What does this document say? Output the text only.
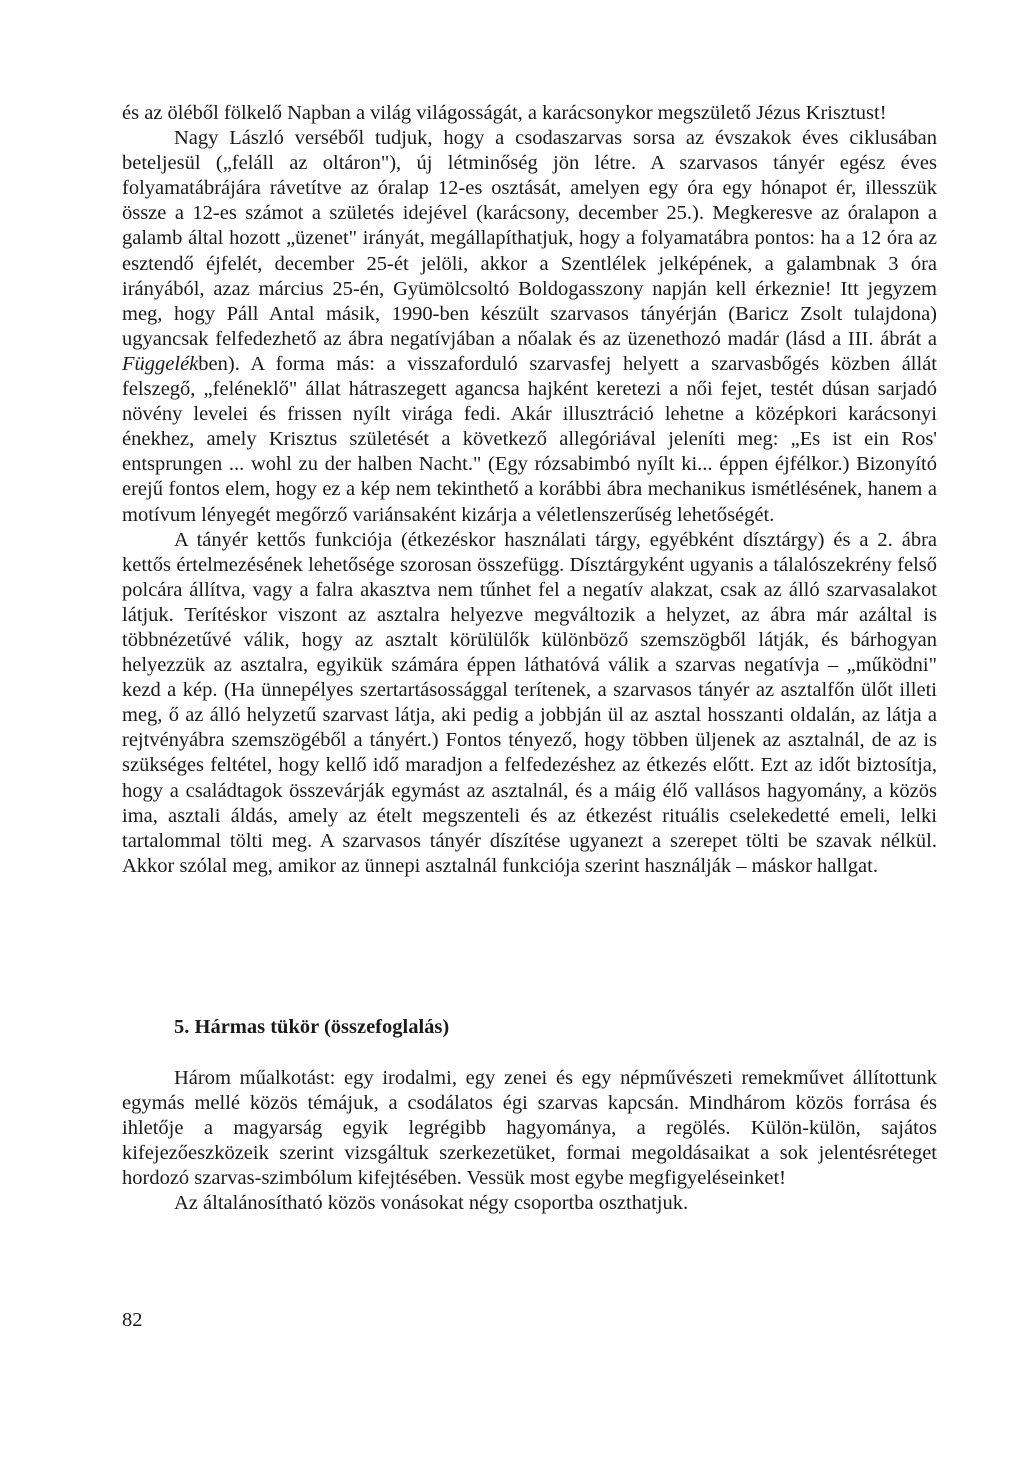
és az öléből fölkelő Napban a világ világosságát, a karácsonykor megszülető Jézus Krisztust!

Nagy László verséből tudjuk, hogy a csodaszarvas sorsa az évszakok éves ciklusában beteljesül („feláll az oltáron"), új létminőség jön létre. A szarvasos tányér egész éves folyamatábrájára rávetítve az óralap 12-es osztását, amelyen egy óra egy hónapot ér, illesszük össze a 12-es számot a születés idejével (karácsony, december 25.). Megkeresve az óralapon a galamb által hozott „üzenet" irányát, megállapíthatjuk, hogy a folyamatábra pontos: ha a 12 óra az esztendő éjfelét, december 25-ét jelöli, akkor a Szentlélek jelképének, a galambnak 3 óra irányából, azaz március 25-én, Gyümölcsoltó Boldogasszony napján kell érkeznie! Itt jegyzem meg, hogy Páll Antal másik, 1990-ben készült szarvasos tányérján (Baricz Zsolt tulajdona) ugyancsak felfedezhető az ábra negatívjában a nőalak és az üzenethozó madár (lásd a III. ábrát a Függelékben). A forma más: a visszaforduló szarvasfej helyett a szarvasbőgés közben állát felszegő, „feléneklő" állat hátraszegett agancsa hajként keretezi a női fejet, testét dúsan sarjadó növény levelei és frissen nyílt virága fedi. Akár illusztráció lehetne a középkori karácsonyi énekhez, amely Krisztus születését a következő allegóriával jeleníti meg: „Es ist ein Ros' entsprungen ... wohl zu der halben Nacht." (Egy rózsabimbó nyílt ki... éppen éjfélkor.) Bizonyító erejű fontos elem, hogy ez a kép nem tekinthető a korábbi ábra mechanikus ismétlésének, hanem a motívum lényegét megőrző variánsaként kizárja a véletlenszerűség lehetőségét.

A tányér kettős funkciója (étkezéskor használati tárgy, egyébként dísztárgy) és a 2. ábra kettős értelmezésének lehetősége szorosan összefügg. Dísztárgyként ugyanis a tálalószekrény felső polcára állítva, vagy a falra akasztva nem tűnhet fel a negatív alakzat, csak az álló szarvasalakot látjuk. Terítéskor viszont az asztalra helyezve megváltozik a helyzet, az ábra már azáltal is többnézetűvé válik, hogy az asztalt körülülők különböző szemszögből látják, és bárhogyan helyezzük az asztalra, egyikük számára éppen láthatóvá válik a szarvas negatívja – „működni" kezd a kép. (Ha ünnepélyes szertartásossággal terítenek, a szarvasos tányér az asztalfőn ülőt illeti meg, ő az álló helyzetű szarvast látja, aki pedig a jobbján ül az asztal hosszanti oldalán, az látja a rejtvényábra szemszögéből a tányért.) Fontos tényező, hogy többen üljenek az asztalnál, de az is szükséges feltétel, hogy kellő idő maradjon a felfedezéshez az étkezés előtt. Ezt az időt biztosítja, hogy a családtagok összevárják egymást az asztalnál, és a máig élő vallásos hagyomány, a közös ima, asztali áldás, amely az ételt megszenteli és az étkezést rituális cselekedetté emeli, lelki tartalommal tölti meg. A szarvasos tányér díszítése ugyanezt a szerepet tölti be szavak nélkül. Akkor szólal meg, amikor az ünnepi asztalnál funkciója szerint használják – máskor hallgat.

5. Hármas tükör (összefoglalás)

Három műalkotást: egy irodalmi, egy zenei és egy népművészeti remekművet állítottunk egymás mellé közös témájuk, a csodálatos égi szarvas kapcsán. Mindhárom közös forrása és ihletője a magyarság egyik legrégibb hagyománya, a regölés. Külön-külön, sajátos kifejezőeszközeik szerint vizsgáltuk szerkezetüket, formai megoldásaikat a sok jelentésréteget hordozó szarvas-szimbólum kifejtésében. Vessük most egybe megfigyeléseinket!

Az általánosítható közös vonásokat négy csoportba oszthatjuk.

82
